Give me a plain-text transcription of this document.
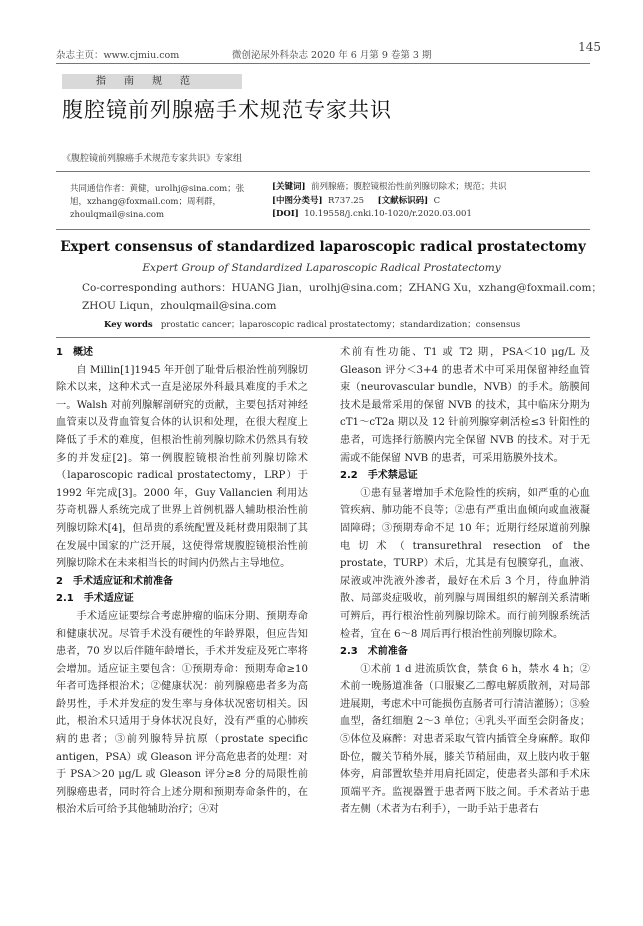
杂志主页：www.cjmiu.com	微创泌尿外科杂志 2020 年 6 月第 9 卷第 3 期
145
指南规范
腹腔镜前列腺癌手术规范专家共识
《腹腔镜前列腺癌手术规范专家共识》专家组
共同通信作者：黄健，urolhj@sina.com；张旭，xzhang@foxmail.com；周利群，zhoulqmail@sina.com
[关键词] 前列腺癌；腹腔镜根治性前列腺切除术；规范；共识
[中图分类号] R737.25 [文献标识码] C
[DOI] 10.19558/j.cnki.10-1020/r.2020.03.001
Expert consensus of standardized laparoscopic radical prostatectomy
Expert Group of Standardized Laparoscopic Radical Prostatectomy
Co-corresponding authors：HUANG Jian，urolhj@sina.com；ZHANG Xu，xzhang@foxmail.com；
ZHOU Liqun，zhoulqmail@sina.com
Key words prostatic cancer；laparoscopic radical prostatectomy；standardization；consensus

1　概述

自 Millin[1]1945 年开创了耻骨后根治性前列腺切除术以来，这种术式一直是泌尿外科最具难度的手术之一。Walsh 对前列腺解剖研究的贡献，主要包括对神经血管束以及背血管复合体的认识和处理，在很大程度上降低了手术的难度，但根治性前列腺切除术仍然具有较多的并发症[2]。第一例腹腔镜根治性前列腺切除术（laparoscopic radical prostatectomy，LRP）于 1992 年完成[3]。2000 年，Guy Vallancien 利用达芬奇机器人系统完成了世界上首例机器人辅助根治性前列腺切除术[4]，但昂贵的系统配置及耗材费用限制了其在发展中国家的广泛开展，这使得常规腹腔镜根治性前列腺切除术在未来相当长的时间内仍然占主导地位。

2　手术适应证和术前准备

2.1　手术适应证

手术适应证要综合考虑肿瘤的临床分期、预期寿命和健康状况。尽管手术没有硬性的年龄界限，但应告知患者，70 岁以后伴随年龄增长，手术并发症及死亡率将会增加。适应证主要包含：①预期寿命：预期寿命≥10 年者可选择根治术；②健康状况：前列腺癌患者多为高龄男性，手术并发症的发生率与身体状况密切相关。因此，根治术只适用于身体状况良好，没有严重的心肺疾病的患者；③前列腺特异抗原（prostate specific antigen，PSA）或 Gleason 评分高危患者的处理：对于 PSA＞20 μg/L 或 Gleason 评分≥8 分的局限性前列腺癌患者，同时符合上述分期和预期寿命条件的，在根治术后可给予其他辅助治疗；④对

术前有性功能、T1 或 T2 期，PSA＜10 μg/L 及 Gleason 评分＜3+4 的患者术中可采用保留神经血管束（neurovascular bundle，NVB）的手术。筋膜间技术是最常采用的保留 NVB 的技术，其中临床分期为 cT1～cT2a 期以及 12 针前列腺穿刺活检≤3 针阳性的患者，可选择行筋膜内完全保留 NVB 的技术。对于无需或不能保留 NVB 的患者，可采用筋膜外技术。

2.2　手术禁忌证

①患有显著增加手术危险性的疾病，如严重的心血管疾病、肺功能不良等；②患有严重出血倾向或血液凝固障碍；③预期寿命不足 10 年；近期行经尿道前列腺电切术（transurethral resection of the prostate，TURP）术后，尤其是有包膜穿孔，血液、尿液或冲洗液外渗者，最好在术后 3 个月，待血肿消散、局部炎症吸收，前列腺与周围组织的解剖关系清晰可辨后，再行根治性前列腺切除术。而行前列腺系统活检者，宜在 6～8 周后再行根治性前列腺切除术。

2.3　术前准备

①术前 1 d 进流质饮食，禁食 6 h，禁水 4 h；②术前一晚肠道准备（口服聚乙二醇电解质散剂，对局部进展期，考虑术中可能损伤直肠者可行清洁灌肠）；③验血型，备红细胞 2～3 单位；④乳头平面至会阴备皮；⑤体位及麻醉：对患者采取气管内插管全身麻醉。取仰卧位，髋关节稍外展，膝关节稍屈曲，双上肢内收于躯体旁，肩部置软垫并用肩托固定，使患者头部和手术床顶端平齐。监视器置于患者两下肢之间。手术者站于患者左侧（术者为右利手），一助手站于患者右
